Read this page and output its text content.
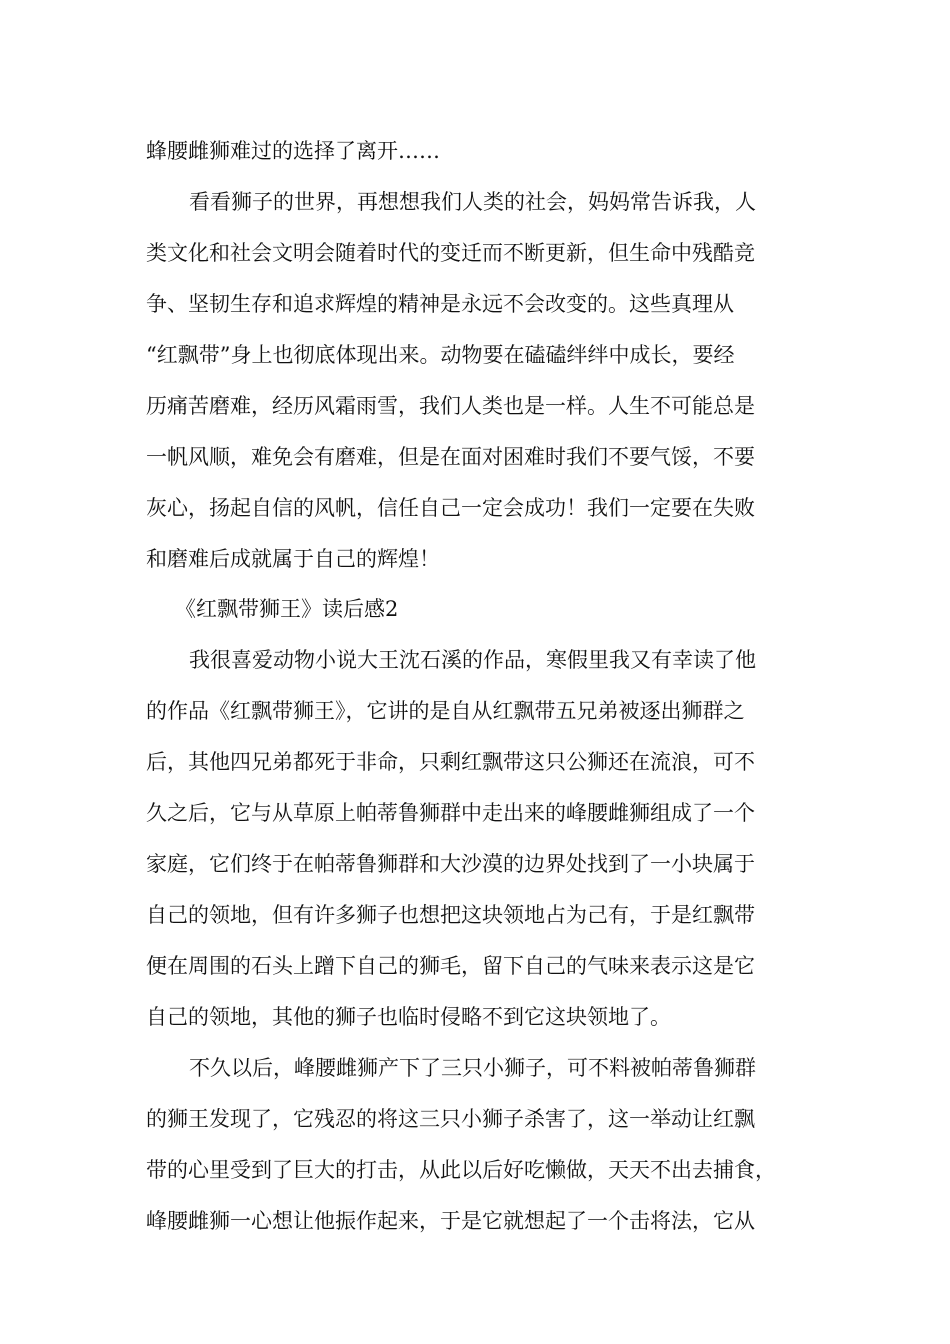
蜂腰雌狮难过的选择了离开……
看看狮子的世界，再想想我们人类的社会，妈妈常告诉我，人
类文化和社会文明会随着时代的变迁而不断更新，但生命中残酷竞
争、坚韧生存和追求辉煌的精神是永远不会改变的。这些真理从
“红飘带”身上也彻底体现出来。动物要在磕磕绊绊中成长，要经
历痛苦磨难，经历风霜雨雪，我们人类也是一样。人生不可能总是
一帆风顺，难免会有磨难，但是在面对困难时我们不要气馁，不要
灰心，扬起自信的风帆，信任自己一定会成功！我们一定要在失败
和磨难后成就属于自己的辉煌！
《红飘带狮王》读后感2
我很喜爱动物小说大王沈石溪的作品，寒假里我又有幸读了他
的作品《红飘带狮王》，它讲的是自从红飘带五兄弟被逐出狮群之
后，其他四兄弟都死于非命，只剩红飘带这只公狮还在流浪，可不
久之后，它与从草原上帕蒂鲁狮群中走出来的峰腰雌狮组成了一个
家庭，它们终于在帕蒂鲁狮群和大沙漠的边界处找到了一小块属于
自己的领地，但有许多狮子也想把这块领地占为己有，于是红飘带
便在周围的石头上蹭下自己的狮毛，留下自己的气味来表示这是它
自己的领地，其他的狮子也临时侵略不到它这块领地了。
不久以后，峰腰雌狮产下了三只小狮子，可不料被帕蒂鲁狮群
的狮王发现了，它残忍的将这三只小狮子杀害了，这一举动让红飘
带的心里受到了巨大的打击，从此以后好吃懒做，天天不出去捕食，
峰腰雌狮一心想让他振作起来，于是它就想起了一个击将法，它从
